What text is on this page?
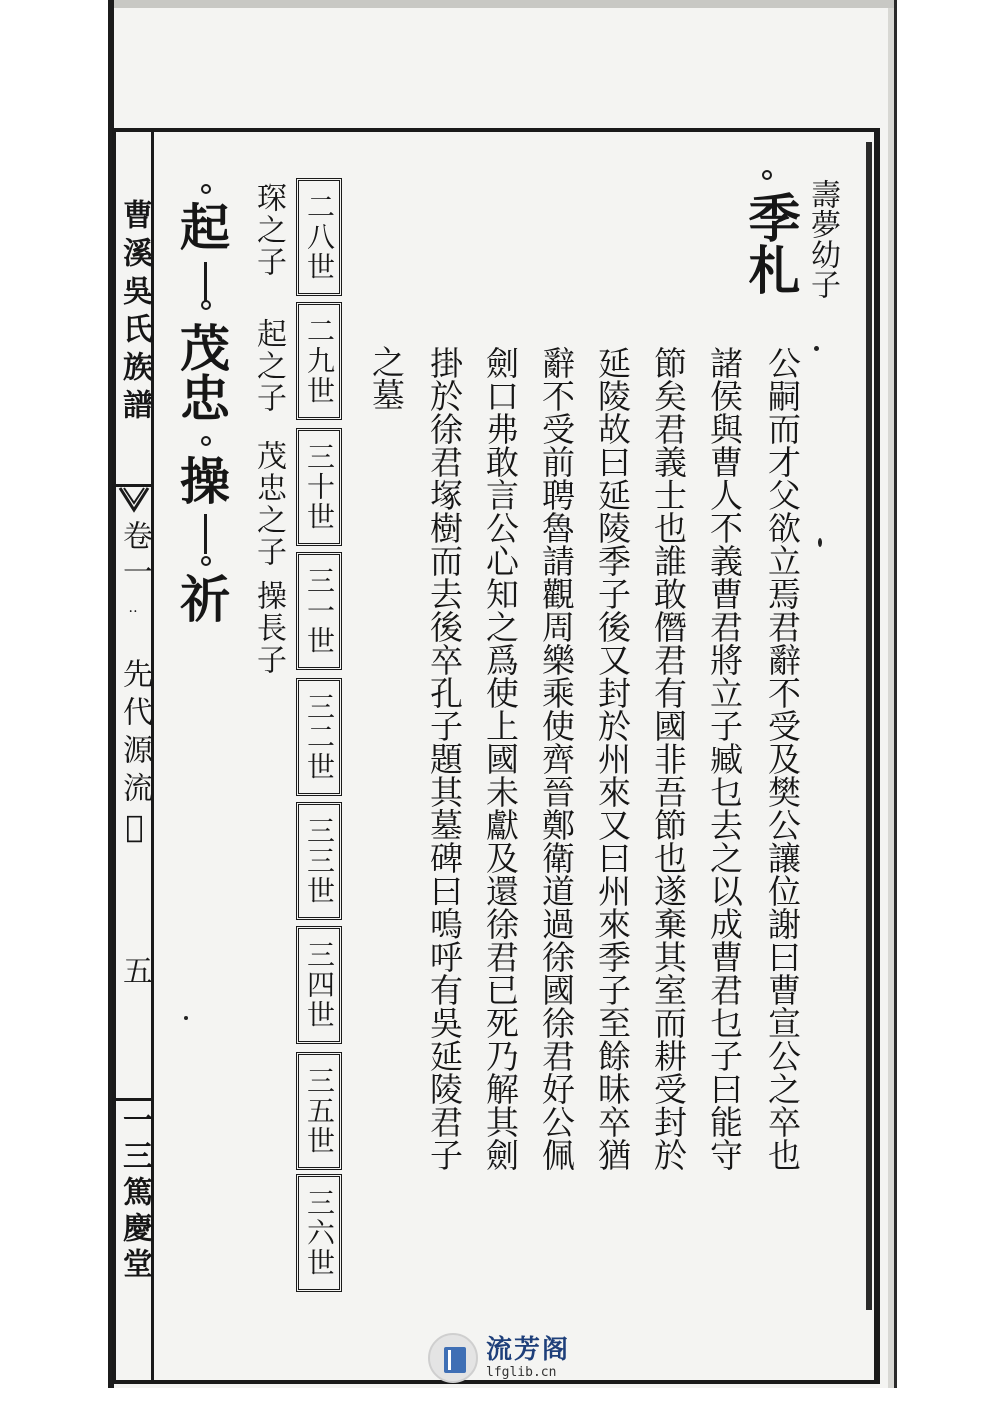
曹溪吳氏族譜
卷一
‥
先代源流𤁆
五
一三篤慶堂
二八世
二九世
三十世
三一世
三二世
三三世
三四世
三五世
三六世
起
茂忠
操
祈
琛之子
起之子
茂忠之子
操長子
壽夢幼子
季札
公嗣而才父欲立焉君辭不受及樊公讓位謝曰曹宣公之卒也
諸侯與曹人不義曹君將立子臧乜去之以成曹君乜子曰能守
節矣君義士也誰敢僭君有國非吾節也遂棄其室而耕受封於
延陵故曰延陵季子後又封於州來又曰州來季子至餘昧卒猶
辭不受前聘魯請觀周樂乘使齊晉鄭衛道過徐國徐君好公佩
劍口弗敢言公心知之爲使上國未獻及還徐君已死乃解其劍
掛於徐君塚樹而去後卒孔子題其墓碑曰嗚呼有吳延陵君子
之墓
流芳阁
lfglib.cn
